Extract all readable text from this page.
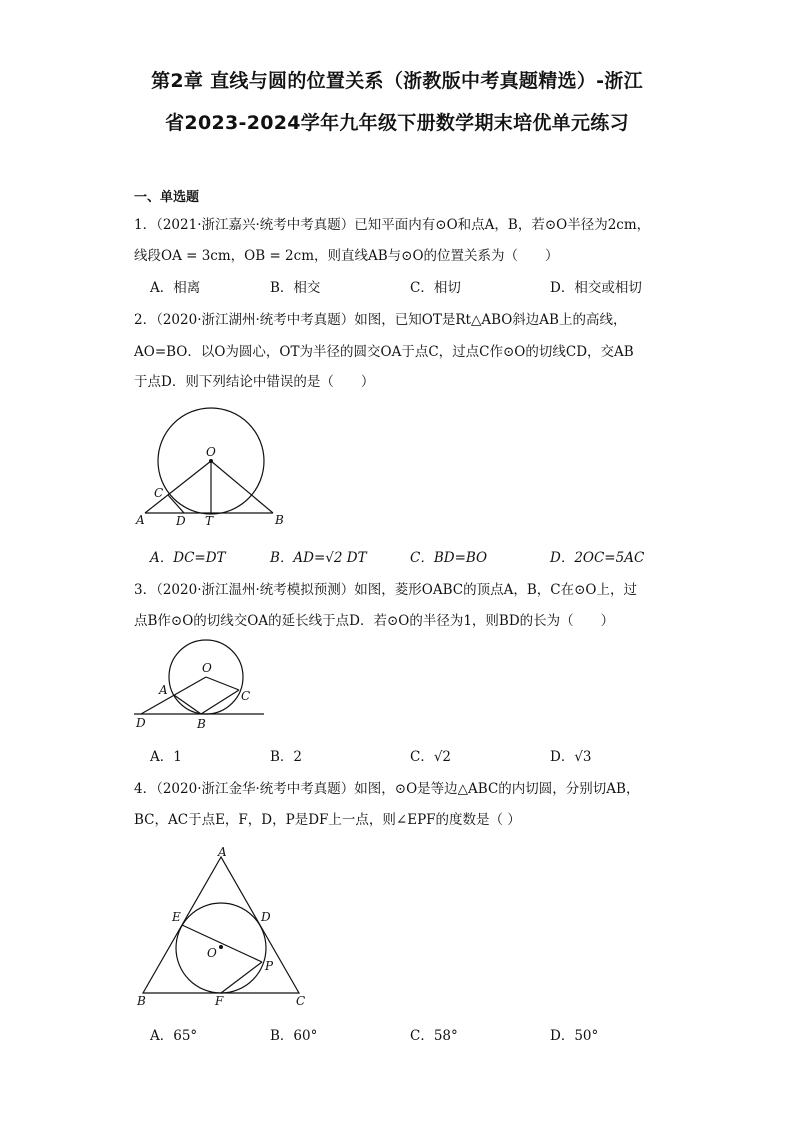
第2章 直线与圆的位置关系（浙教版中考真题精选）-浙江
省2023-2024学年九年级下册数学期末培优单元练习
一、单选题
1．（2021·浙江嘉兴·统考中考真题）已知平面内有⊙O和点A，B，若⊙O半径为2cm，
线段OA = 3cm，OB = 2cm，则直线AB与⊙O的位置关系为（　　）
A．相离	B．相交	C．相切	D．相交或相切
2．（2020·浙江湖州·统考中考真题）如图，已知OT是Rt△ABO斜边AB上的高线，
AO=BO．以O为圆心，OT为半径的圆交OA于点C，过点C作⊙O的切线CD，交AB
于点D．则下列结论中错误的是（　　）
O
C
A	D T	B
A．DC=DT	B．AD=√2 DT	C．BD=BO	D．2OC=5AC
3．（2020·浙江温州·统考模拟预测）如图，菱形OABC的顶点A，B，C在⊙O上，过
点B作⊙O的切线交OA的延长线于点D．若⊙O的半径为1，则BD的长为（　　）
O
A	C
D	B
A．1	B．2	C．√2	D．√3
4．（2020·浙江金华·统考中考真题）如图，⊙O是等边△ABC的内切圆，分别切AB，
BC，AC于点E，F，D，P是DF上一点，则∠EPF的度数是（ ）
A
E	D
O
P
B	F	C
A．65°	B．60°	C．58°	D．50°
